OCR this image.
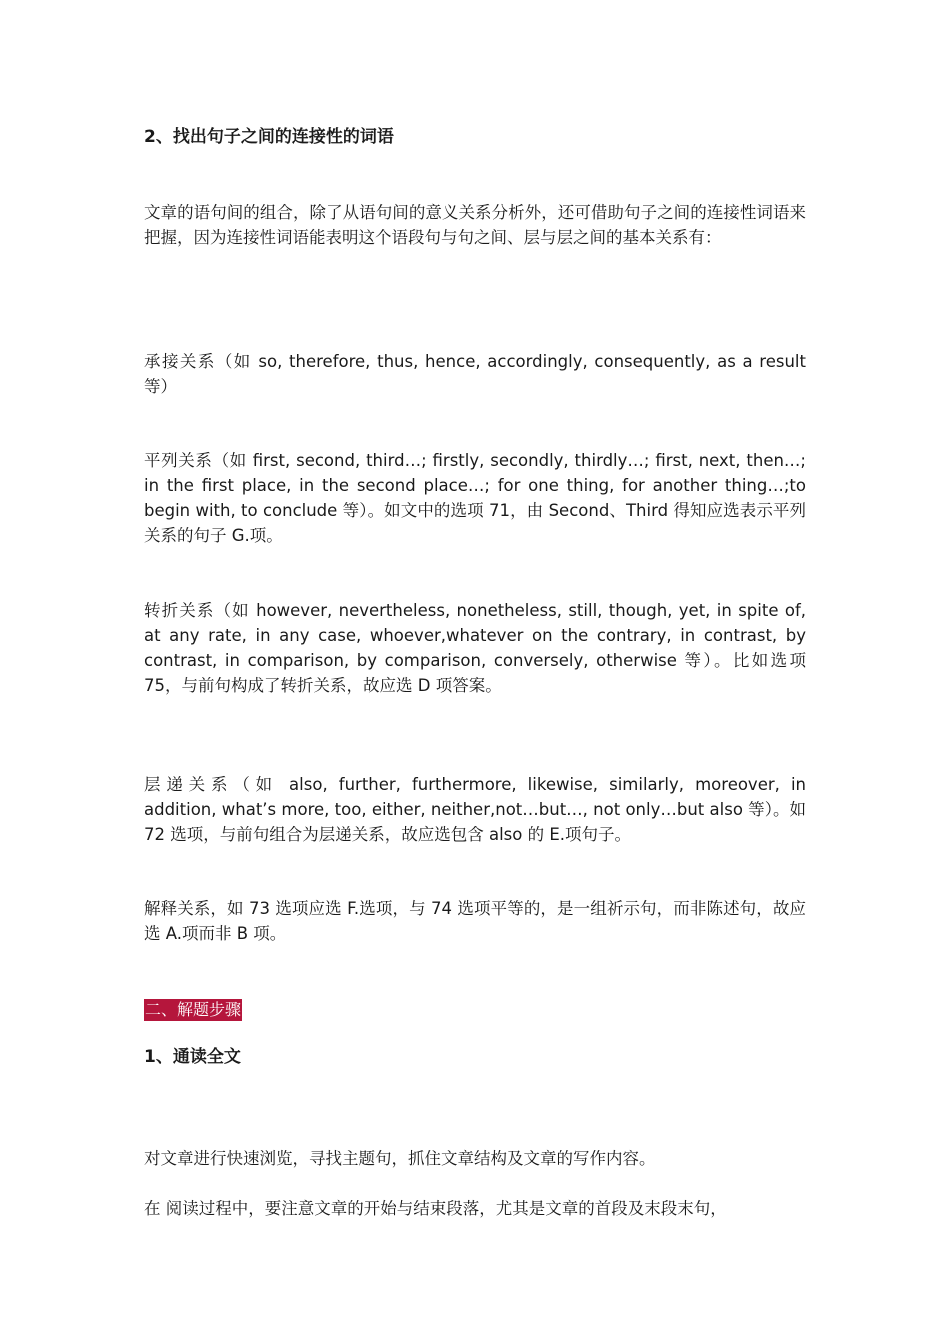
2、找出句子之间的连接性的词语

文章的语句间的组合，除了从语句间的意义关系分析外，还可借助句子之间的连接性词语来把握，因为连接性词语能表明这个语段句与句之间、层与层之间的基本关系有：

承接关系（如 so, therefore, thus, hence, accordingly, consequently, as a result 等）

平列关系（如 first, second, third…; firstly, secondly, thirdly…; first, next, then…; in the first place, in the second place…; for one thing, for another thing…;to begin with, to conclude 等）。如文中的选项 71，由 Second、Third 得知应选表示平列关系的句子 G.项。

转折关系（如 however, nevertheless, nonetheless, still, though, yet, in spite of, at any rate, in any case, whoever,whatever on the contrary, in contrast, by contrast, in comparison, by comparison, conversely, otherwise 等）。比如选项 75，与前句构成了转折关系，故应选 D 项答案。

层递关系（如 also, further, furthermore, likewise, similarly, moreover, in addition, what’s more, too, either, neither,not…but…, not only…but also 等）。如 72 选项，与前句组合为层递关系，故应选包含 also 的 E.项句子。

解释关系，如 73 选项应选 F.选项，与 74 选项平等的，是一组祈示句，而非陈述句，故应选 A.项而非 B 项。

二、解题步骤

1、通读全文

对文章进行快速浏览，寻找主题句，抓住文章结构及文章的写作内容。

在 阅读过程中，要注意文章的开始与结束段落，尤其是文章的首段及末段末句，
